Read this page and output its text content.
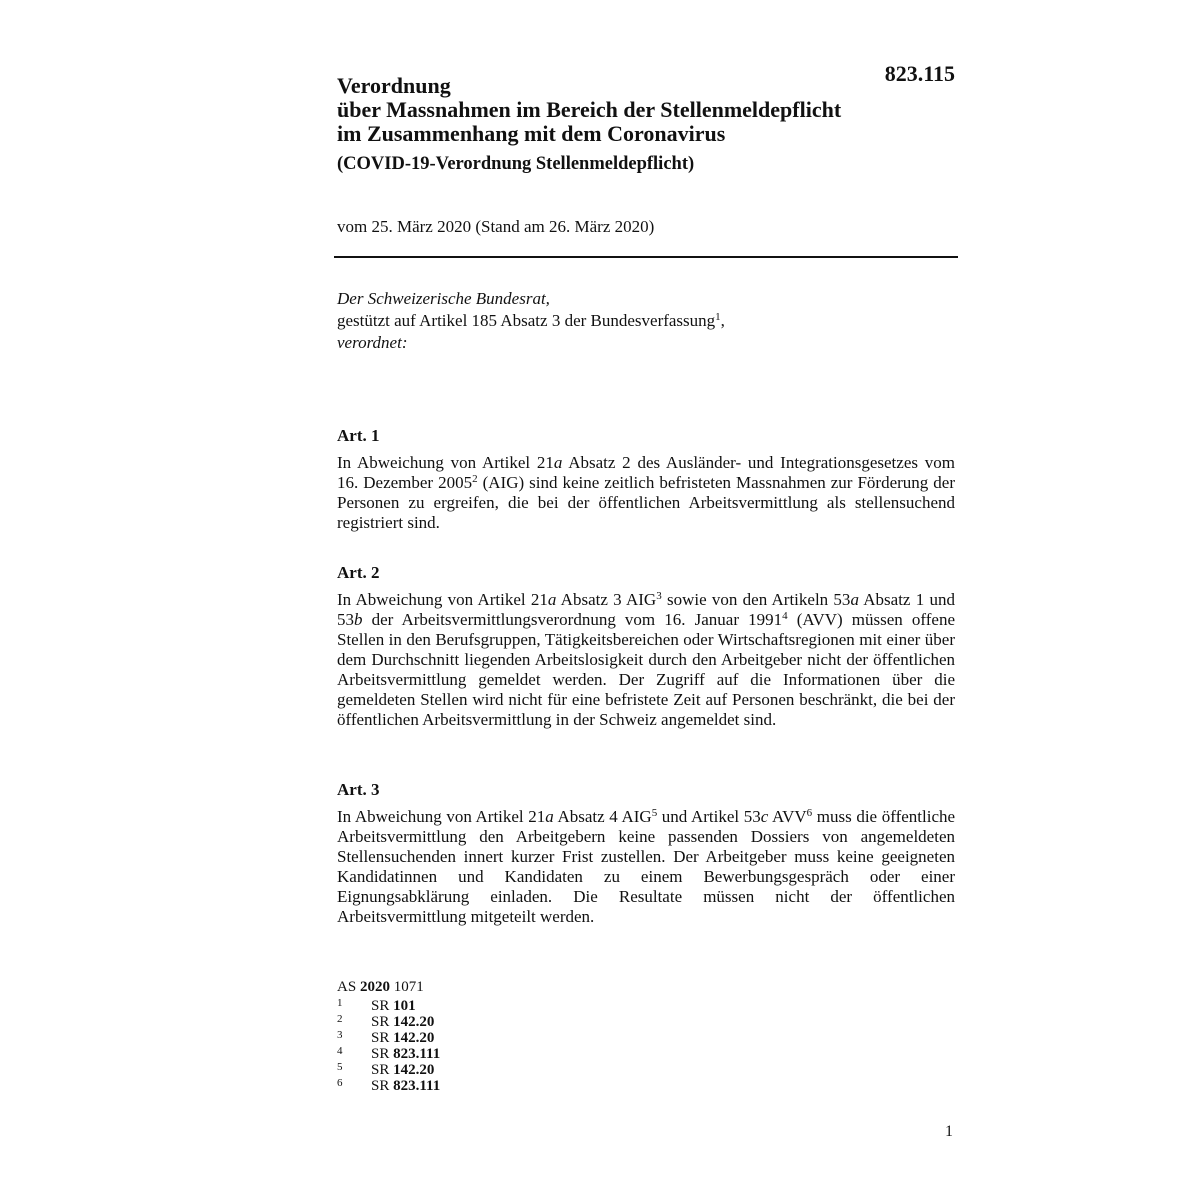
823.115
Verordnung
über Massnahmen im Bereich der Stellenmeldepflicht
im Zusammenhang mit dem Coronavirus
(COVID-19-Verordnung Stellenmeldepflicht)
vom 25. März 2020 (Stand am 26. März 2020)
Der Schweizerische Bundesrat,
gestützt auf Artikel 185 Absatz 3 der Bundesverfassung$^1$,
verordnet:
Art. 1
In Abweichung von Artikel 21a Absatz 2 des Ausländer- und Integrationsgesetzes vom 16. Dezember 2005$^2$ (AIG) sind keine zeitlich befristeten Massnahmen zur Förderung der Personen zu ergreifen, die bei der öffentlichen Arbeitsvermittlung als stellensuchend registriert sind.
Art. 2
In Abweichung von Artikel 21a Absatz 3 AIG$^3$ sowie von den Artikeln 53a Absatz 1 und 53b der Arbeitsvermittlungsverordnung vom 16. Januar 1991$^4$ (AVV) müssen offene Stellen in den Berufsgruppen, Tätigkeitsbereichen oder Wirtschaftsregionen mit einer über dem Durchschnitt liegenden Arbeitslosigkeit durch den Arbeitgeber nicht der öffentlichen Arbeitsvermittlung gemeldet werden. Der Zugriff auf die Informationen über die gemeldeten Stellen wird nicht für eine befristete Zeit auf Personen beschränkt, die bei der öffentlichen Arbeitsvermittlung in der Schweiz angemeldet sind.
Art. 3
In Abweichung von Artikel 21a Absatz 4 AIG$^5$ und Artikel 53c AVV$^6$ muss die öffentliche Arbeitsvermittlung den Arbeitgebern keine passenden Dossiers von angemeldeten Stellensuchenden innert kurzer Frist zustellen. Der Arbeitgeber muss keine geeigneten Kandidatinnen und Kandidaten zu einem Bewerbungsgespräch oder einer Eignungsabklärung einladen. Die Resultate müssen nicht der öffentlichen Arbeitsvermittlung mitgeteilt werden.
AS 2020 1071
1 SR 101
2 SR 142.20
3 SR 142.20
4 SR 823.111
5 SR 142.20
6 SR 823.111
1
